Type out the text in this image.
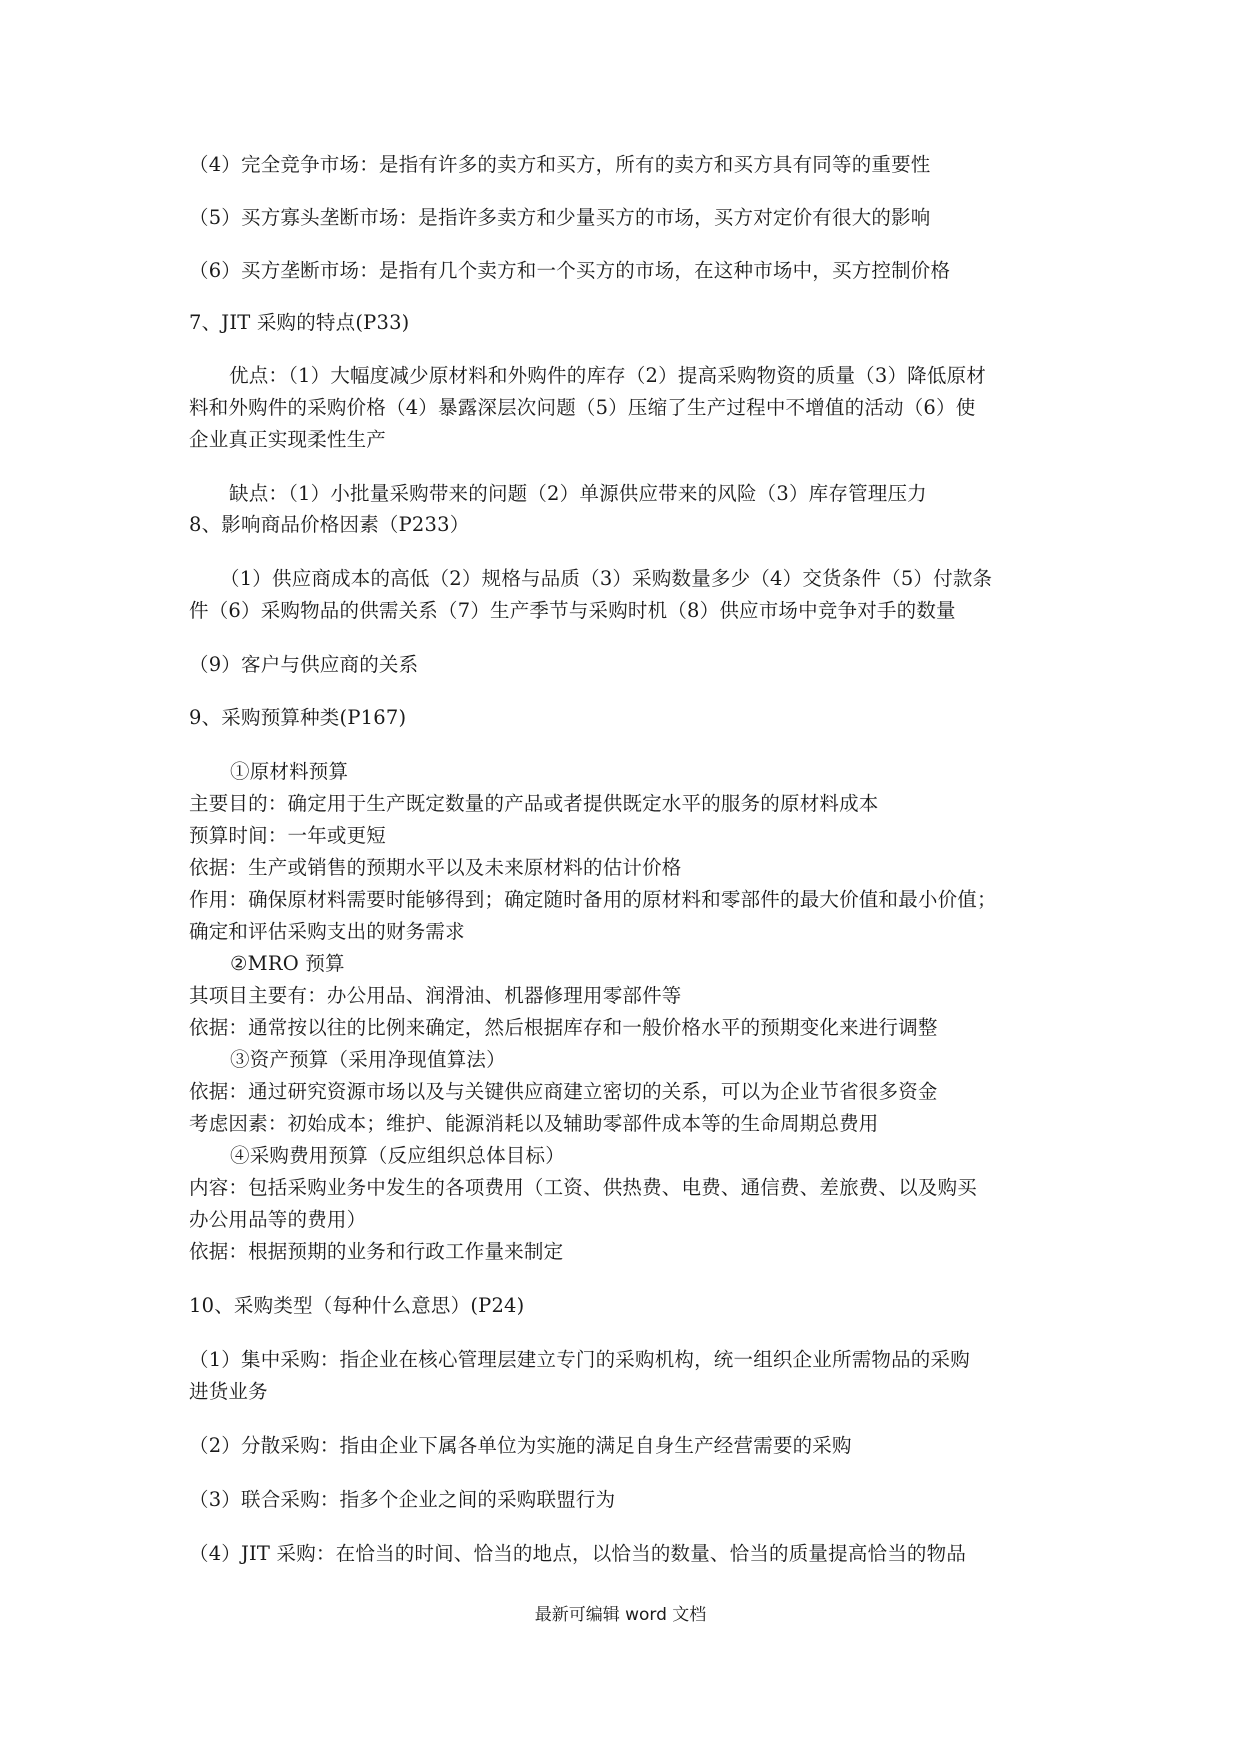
（4）完全竞争市场：是指有许多的卖方和买方，所有的卖方和买方具有同等的重要性
（5）买方寡头垄断市场：是指许多卖方和少量买方的市场，买方对定价有很大的影响
（6）买方垄断市场：是指有几个卖方和一个买方的市场，在这种市场中，买方控制价格
7、JIT 采购的特点(P33)
优点：（1）大幅度减少原材料和外购件的库存（2）提高采购物资的质量（3）降低原材
料和外购件的采购价格（4）暴露深层次问题（5）压缩了生产过程中不增值的活动（6）使
企业真正实现柔性生产
缺点：（1）小批量采购带来的问题（2）单源供应带来的风险（3）库存管理压力
8、影响商品价格因素（P233）
（1）供应商成本的高低（2）规格与品质（3）采购数量多少（4）交货条件（5）付款条
件（6）采购物品的供需关系（7）生产季节与采购时机（8）供应市场中竞争对手的数量
（9）客户与供应商的关系
9、采购预算种类(P167)
①原材料预算
主要目的：确定用于生产既定数量的产品或者提供既定水平的服务的原材料成本
预算时间：一年或更短
依据：生产或销售的预期水平以及未来原材料的估计价格
作用：确保原材料需要时能够得到；确定随时备用的原材料和零部件的最大价值和最小价值；
确定和评估采购支出的财务需求
②MRO 预算
其项目主要有：办公用品、润滑油、机器修理用零部件等
依据：通常按以往的比例来确定，然后根据库存和一般价格水平的预期变化来进行调整
③资产预算（采用净现值算法）
依据：通过研究资源市场以及与关键供应商建立密切的关系，可以为企业节省很多资金
考虑因素：初始成本；维护、能源消耗以及辅助零部件成本等的生命周期总费用
④采购费用预算（反应组织总体目标）
内容：包括采购业务中发生的各项费用（工资、供热费、电费、通信费、差旅费、以及购买
办公用品等的费用）
依据：根据预期的业务和行政工作量来制定
10、采购类型（每种什么意思）(P24)
（1）集中采购：指企业在核心管理层建立专门的采购机构，统一组织企业所需物品的采购
进货业务
（2）分散采购：指由企业下属各单位为实施的满足自身生产经营需要的采购
（3）联合采购：指多个企业之间的采购联盟行为
（4）JIT 采购：在恰当的时间、恰当的地点，以恰当的数量、恰当的质量提高恰当的物品
最新可编辑 word 文档
